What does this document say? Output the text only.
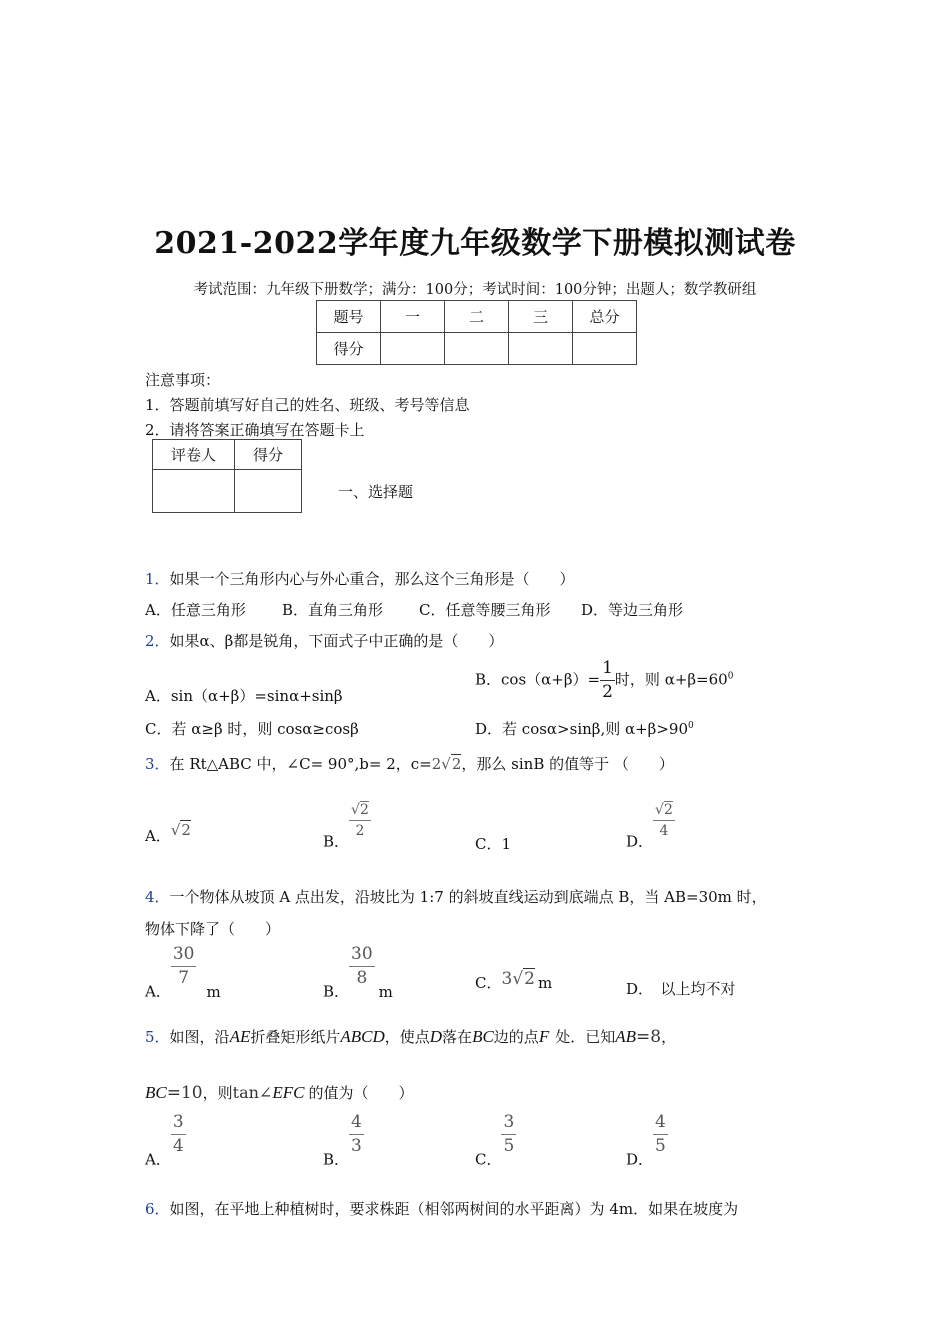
2021-2022学年度九年级数学下册模拟测试卷
考试范围：九年级下册数学；满分：100分；考试时间：100分钟；出题人；数学教研组
题号	一	二	三	总分
得分				
注意事项：
1．答题前填写好自己的姓名、班级、考号等信息
2．请将答案正确填写在答题卡上
评卷人	得分

一、选择题
1．如果一个三角形内心与外心重合，那么这个三角形是（　　）
A．任意三角形 B．直角三角形 C．任意等腰三角形 D．等边三角形
2．如果α、β都是锐角，下面式子中正确的是（　　）
A．sin（α+β）=sinα+sinβ
B．$\cos(\alpha+\beta)= \frac{1}{2}$ 时，则 $\alpha+\beta=60^0$
C．若 α≥β 时，则 cosα≥cosβ	D．若 cosα>sinβ,则 $\alpha+\beta>90^0$
3．在 Rt△ABC 中，∠C= 90°,b= 2，c=2√2，那么 sinB 的值等于 （　　）
A．√2
B．
$\frac{√2}{2}$
C．1	D．
$\frac{√2}{4}$
4．一个物体从坡顶 A 点出发，沿坡比为 1:7 的斜坡直线运动到底端点 B，当 AB=30m 时，
物体下降了（　　）
A．
$\frac{30}{7}$
m	B．
$\frac{30}{8}$
m	C．3√2 m	D．　以上均不对
5．如图，沿AE折叠矩形纸片ABCD，使点D落在BC边的点F 处．已知AB=8，
BC=10，则tan∠EFC 的值为（　　）
A．
$\frac{3}{4}$
B．
$\frac{4}{3}$
C．
$\frac{3}{5}$
D．
$\frac{4}{5}$
6．如图，在平地上种植树时，要求株距（相邻两树间的水平距离）为 4m．如果在坡度为
